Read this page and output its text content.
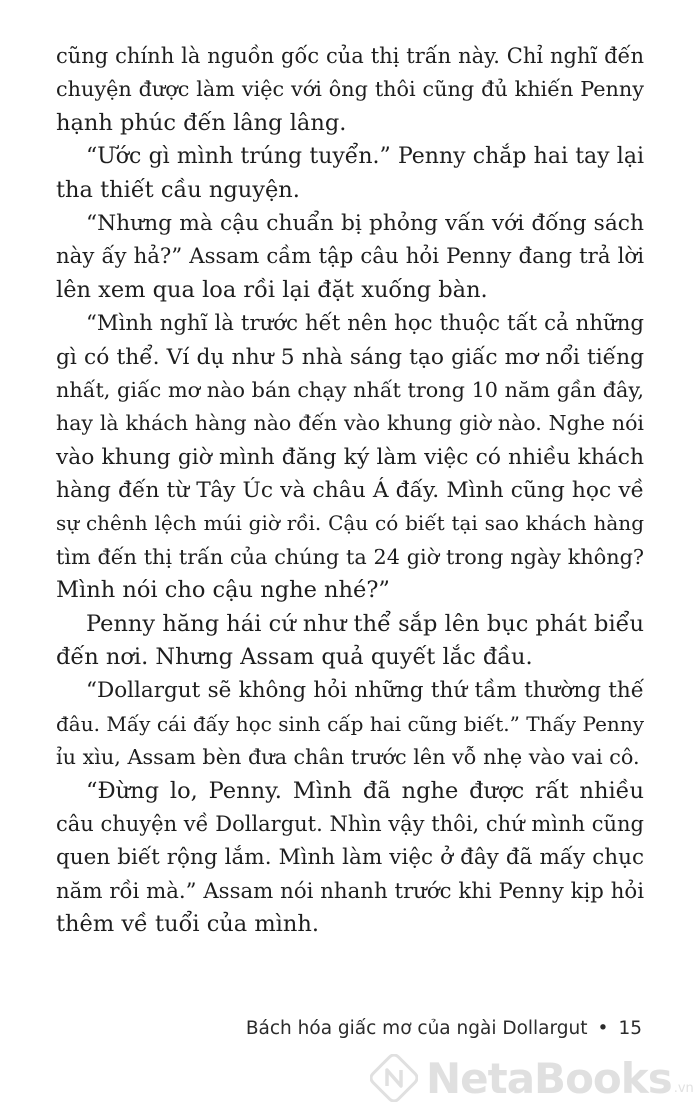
cũng chính là nguồn gốc của thị trấn này. Chỉ nghĩ đến
chuyện được làm việc với ông thôi cũng đủ khiến Penny
hạnh phúc đến lâng lâng.
“Ước gì mình trúng tuyển.” Penny chắp hai tay lại
tha thiết cầu nguyện.
“Nhưng mà cậu chuẩn bị phỏng vấn với đống sách
này ấy hả?” Assam cầm tập câu hỏi Penny đang trả lời
lên xem qua loa rồi lại đặt xuống bàn.
“Mình nghĩ là trước hết nên học thuộc tất cả những
gì có thể. Ví dụ như 5 nhà sáng tạo giấc mơ nổi tiếng
nhất, giấc mơ nào bán chạy nhất trong 10 năm gần đây,
hay là khách hàng nào đến vào khung giờ nào. Nghe nói
vào khung giờ mình đăng ký làm việc có nhiều khách
hàng đến từ Tây Úc và châu Á đấy. Mình cũng học về
sự chênh lệch múi giờ rồi. Cậu có biết tại sao khách hàng
tìm đến thị trấn của chúng ta 24 giờ trong ngày không?
Mình nói cho cậu nghe nhé?”
Penny hăng hái cứ như thể sắp lên bục phát biểu
đến nơi. Nhưng Assam quả quyết lắc đầu.
“Dollargut sẽ không hỏi những thứ tầm thường thế
đâu. Mấy cái đấy học sinh cấp hai cũng biết.” Thấy Penny
ỉu xìu, Assam bèn đưa chân trước lên vỗ nhẹ vào vai cô.
“Đừng lo, Penny. Mình đã nghe được rất nhiều
câu chuyện về Dollargut. Nhìn vậy thôi, chứ mình cũng
quen biết rộng lắm. Mình làm việc ở đây đã mấy chục
năm rồi mà.” Assam nói nhanh trước khi Penny kịp hỏi
thêm về tuổi của mình.
Bách hóa giấc mơ của ngài Dollargut • 15
NetaBooks .vn
